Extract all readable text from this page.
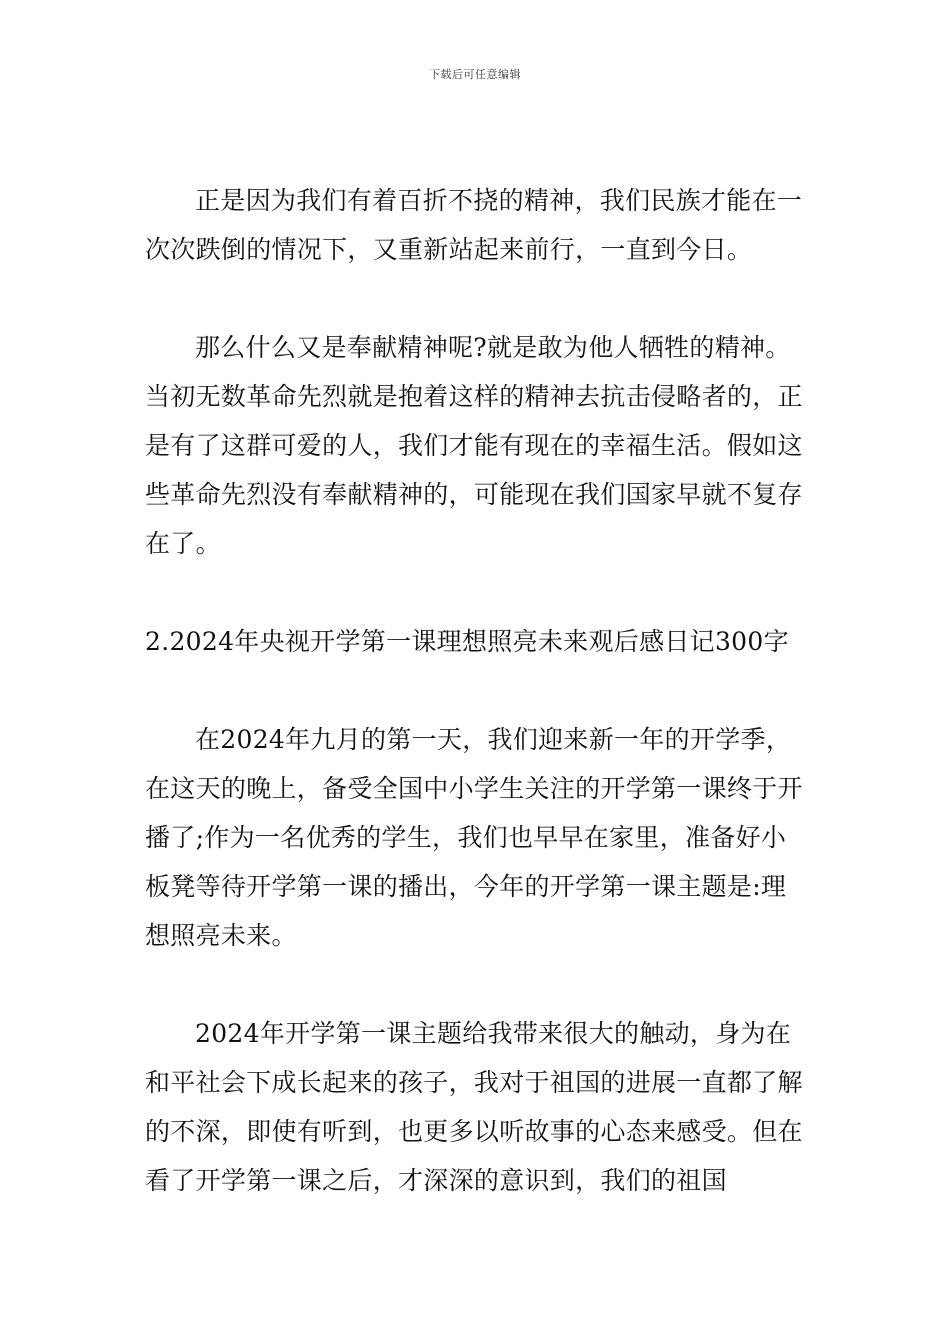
下载后可任意编辑

正是因为我们有着百折不挠的精神，我们民族才能在一次次跌倒的情况下，又重新站起来前行，一直到今日。

那么什么又是奉献精神呢?就是敢为他人牺牲的精神。当初无数革命先烈就是抱着这样的精神去抗击侵略者的，正是有了这群可爱的人，我们才能有现在的幸福生活。假如这些革命先烈没有奉献精神的，可能现在我们国家早就不复存在了。

2.2024年央视开学第一课理想照亮未来观后感日记300字

在2024年九月的第一天，我们迎来新一年的开学季，在这天的晚上，备受全国中小学生关注的开学第一课终于开播了;作为一名优秀的学生，我们也早早在家里，准备好小板凳等待开学第一课的播出，今年的开学第一课主题是:理想照亮未来。

2024年开学第一课主题给我带来很大的触动，身为在和平社会下成长起来的孩子，我对于祖国的进展一直都了解的不深，即使有听到，也更多以听故事的心态来感受。但在看了开学第一课之后，才深深的意识到，我们的祖国
